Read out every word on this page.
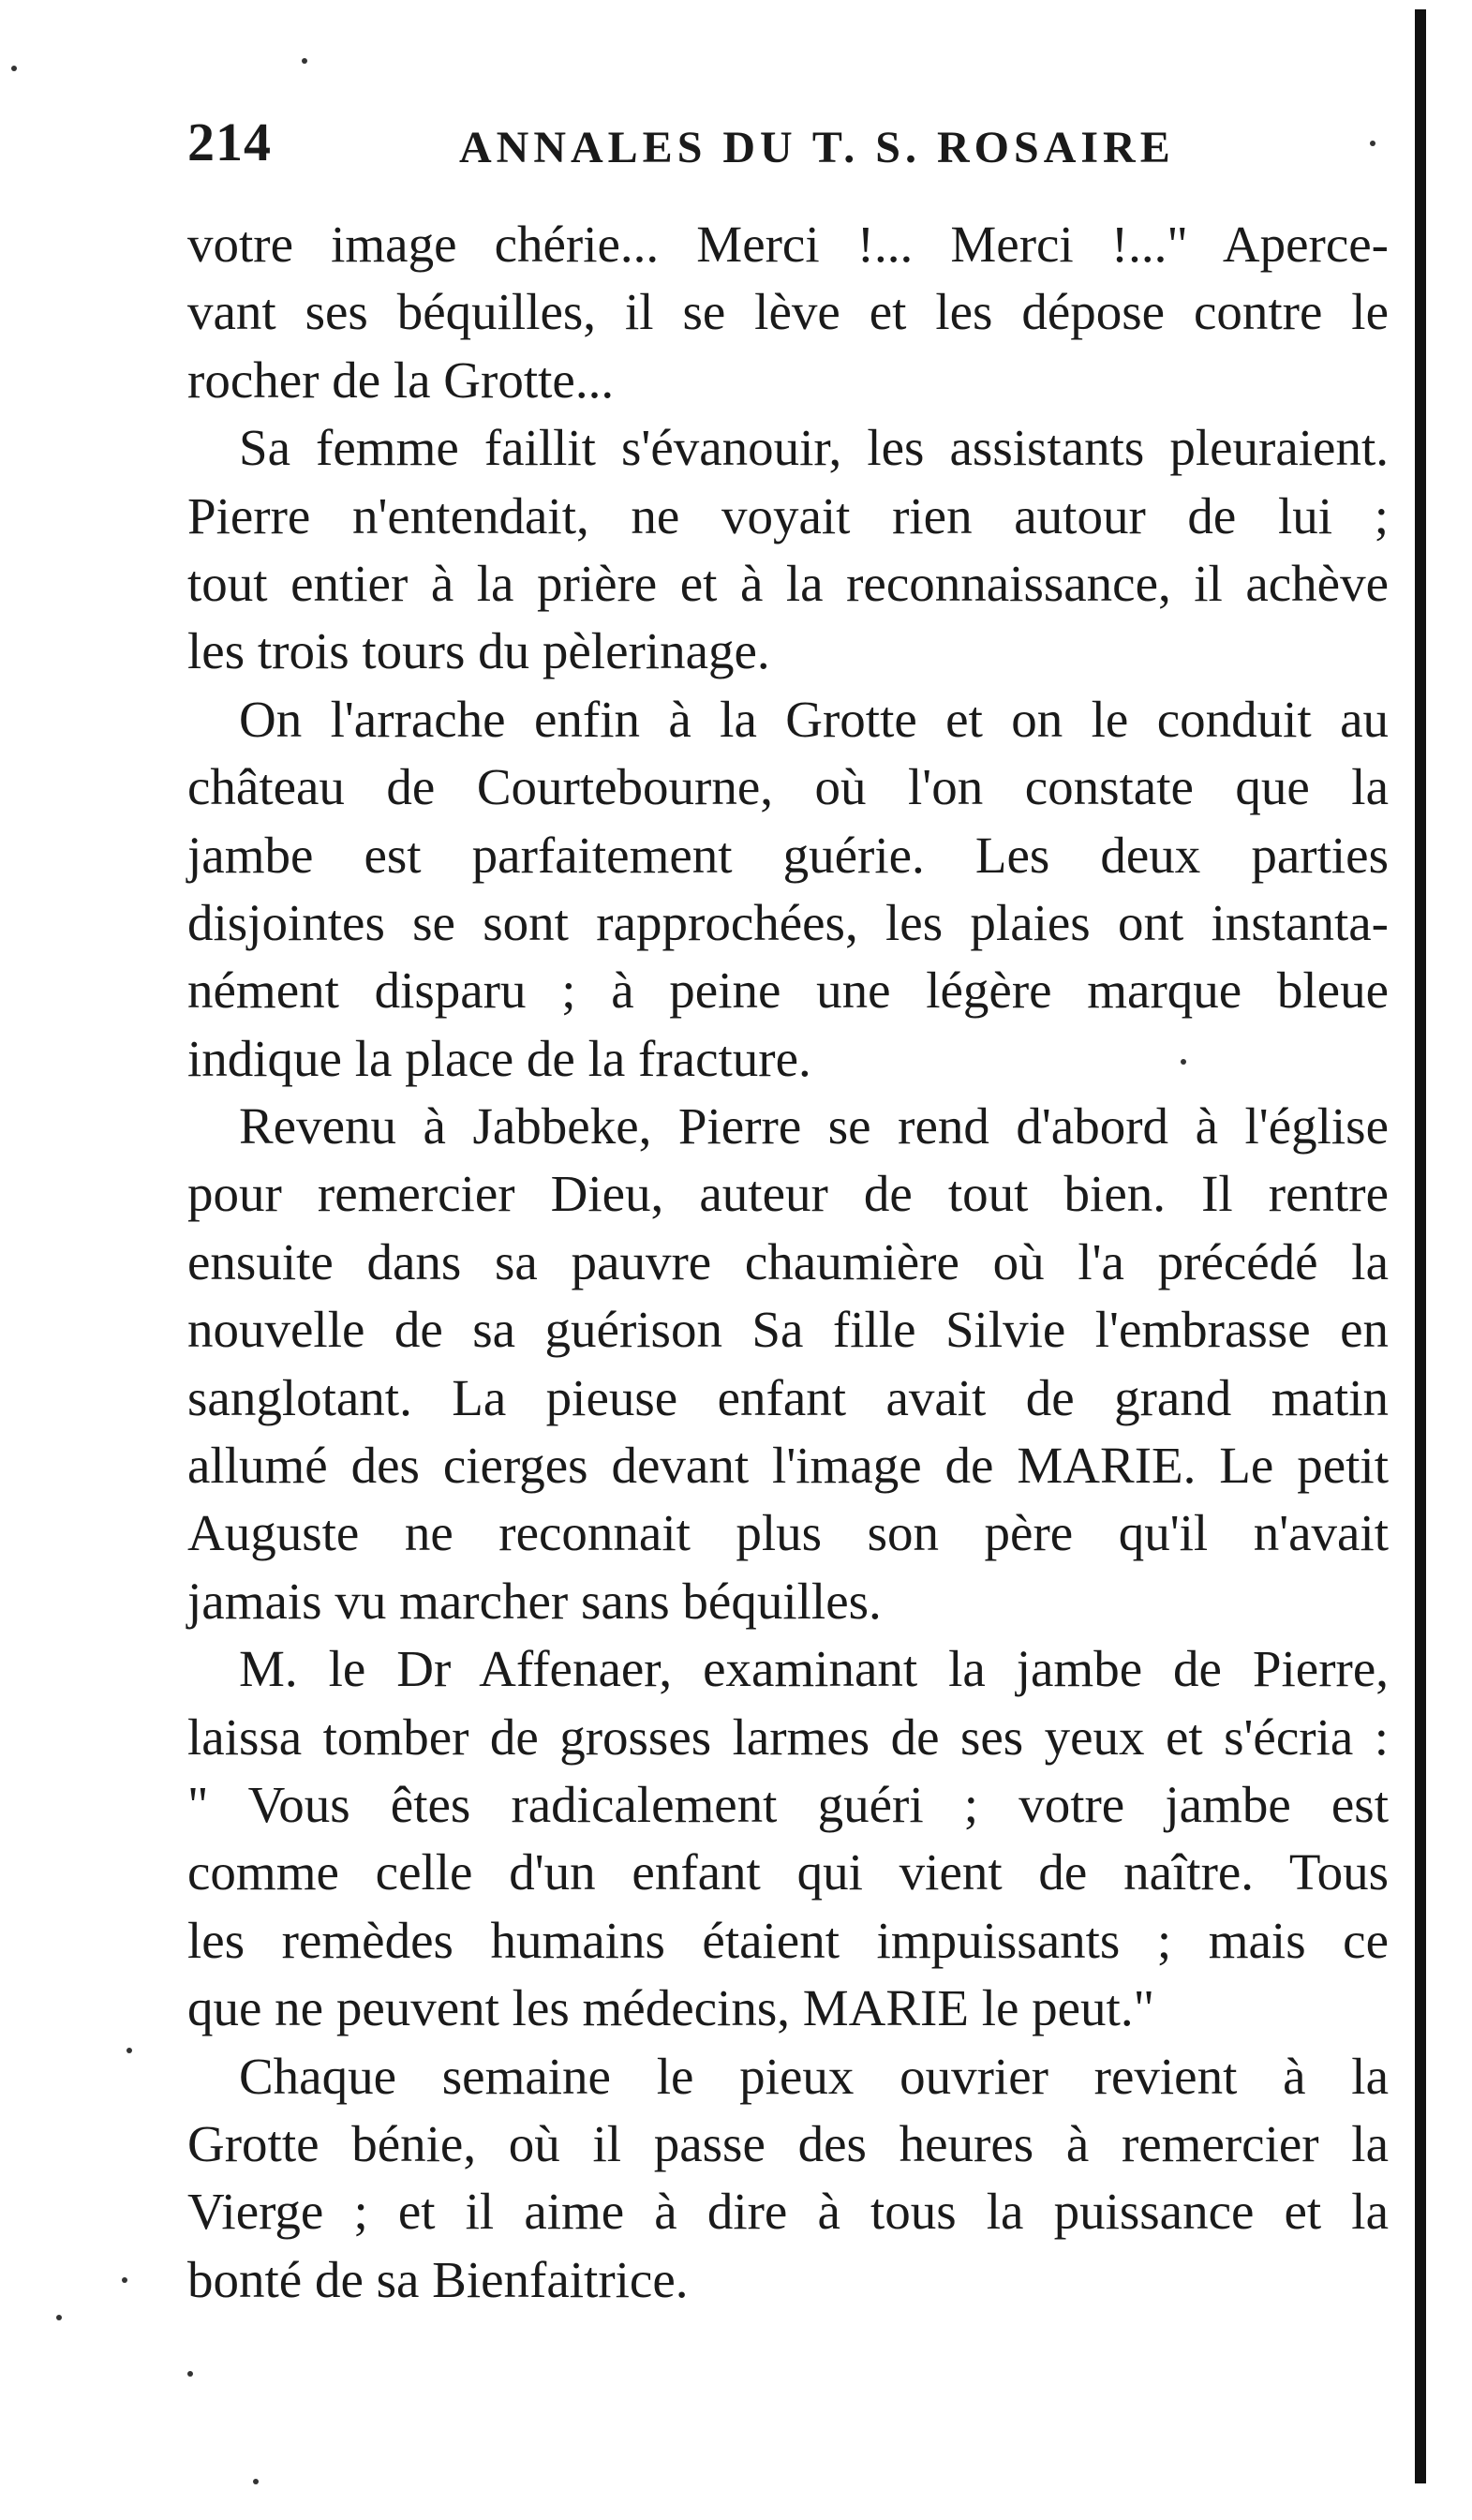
214	ANNALES DU T. S. ROSAIRE
votre image chérie... Merci !... Merci !..." Aperce-
vant ses béquilles, il se lève et les dépose contre le
rocher de la Grotte...
Sa femme faillit s'évanouir, les assistants pleuraient.
Pierre n'entendait, ne voyait rien autour de lui ;
tout entier à la prière et à la reconnaissance, il achève
les trois tours du pèlerinage.
On l'arrache enfin à la Grotte et on le conduit au
château de Courtebourne, où l'on constate que la
jambe est parfaitement guérie. Les deux parties
disjointes se sont rapprochées, les plaies ont instanta-
nément disparu ; à peine une légère marque bleue
indique la place de la fracture.
Revenu à Jabbeke, Pierre se rend d'abord à l'église
pour remercier Dieu, auteur de tout bien. Il rentre
ensuite dans sa pauvre chaumière où l'a précédé la
nouvelle de sa guérison Sa fille Silvie l'embrasse en
sanglotant. La pieuse enfant avait de grand matin
allumé des cierges devant l'image de MARIE. Le petit
Auguste ne reconnait plus son père qu'il n'avait
jamais vu marcher sans béquilles.
M. le Dr Affenaer, examinant la jambe de Pierre,
laissa tomber de grosses larmes de ses yeux et s'écria :
" Vous êtes radicalement guéri ; votre jambe est
comme celle d'un enfant qui vient de naître. Tous
les remèdes humains étaient impuissants ; mais ce
que ne peuvent les médecins, MARIE le peut."
Chaque semaine le pieux ouvrier revient à la
Grotte bénie, où il passe des heures à remercier la
Vierge ; et il aime à dire à tous la puissance et la
bonté de sa Bienfaitrice.
